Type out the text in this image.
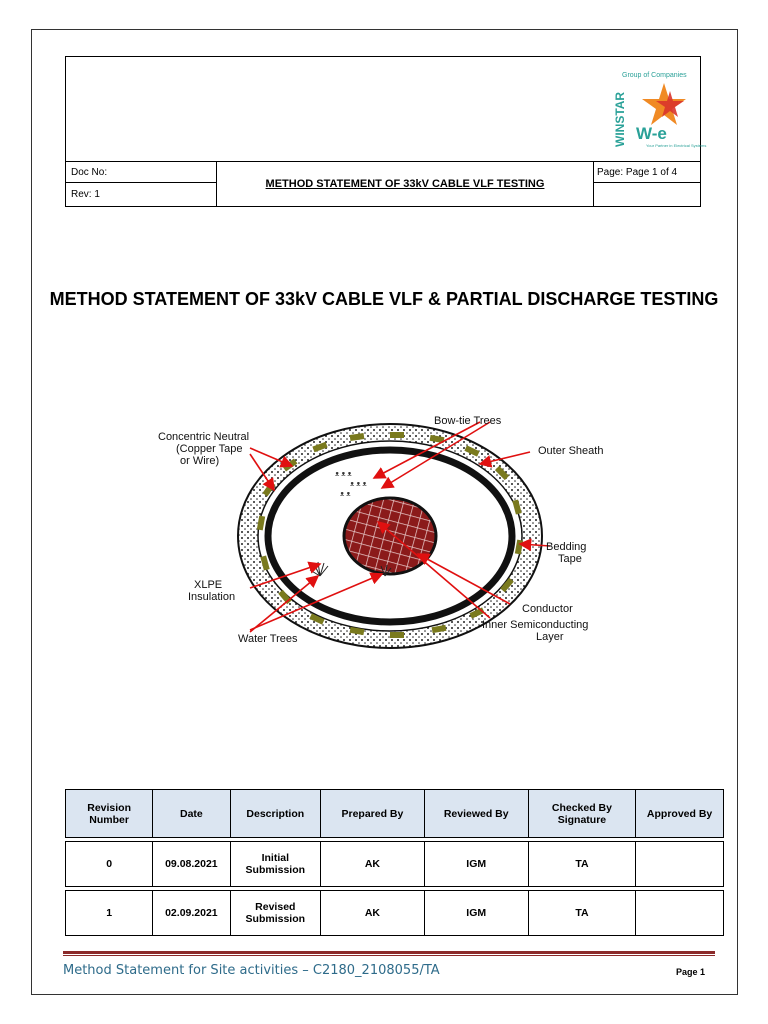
Group of Companies
WINSTAR W-e
Your Partner in Electrical Systems
Doc No:
Rev: 1
METHOD STATEMENT OF 33kV CABLE VLF TESTING
Page: Page 1 of 4
METHOD STATEMENT OF 33kV CABLE VLF & PARTIAL DISCHARGE TESTING
ᴥ ᴥ ᴥ
ᴥ ᴥ ᴥ
ᴥ ᴥ
Concentric Neutral
(Copper Tape
or Wire)
Bow-tie Trees
Outer Sheath
Bedding
Tape
XLPE
Insulation
Conductor
Inner Semiconducting
Layer
Water Trees
Revision Number	Date	Description	Prepared By	Reviewed By	Checked By Signature	Approved By

0	09.08.2021	Initial Submission	AK	IGM	TA	

1	02.09.2021	Revised Submission	AK	IGM	TA	
Method Statement for Site activities – C2180_2108055/TA	Page 1
